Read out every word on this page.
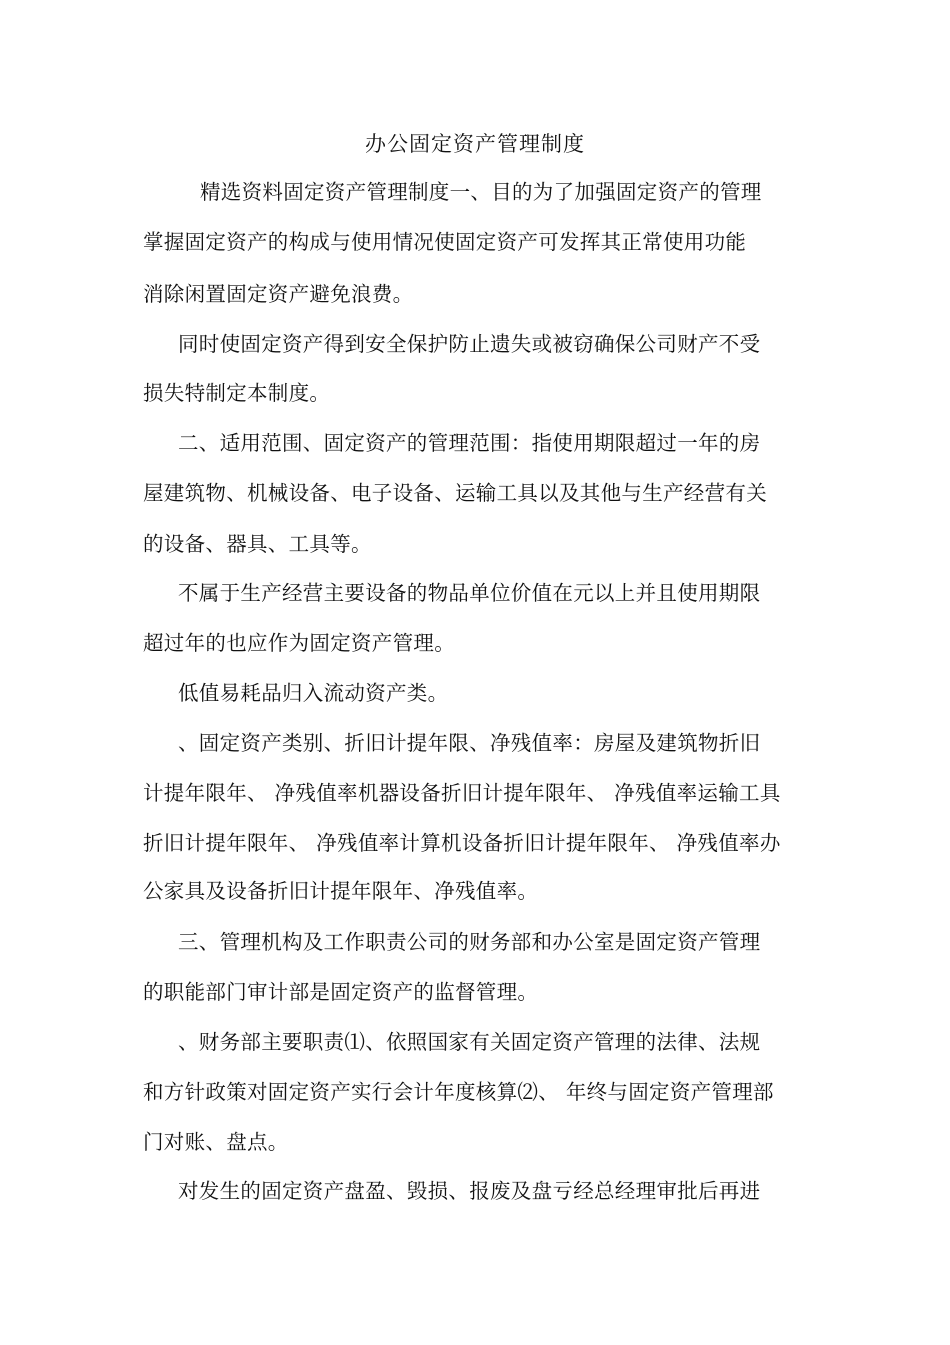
办公固定资产管理制度
精选资料固定资产管理制度一、目的为了加强固定资产的管理
掌握固定资产的构成与使用情况使固定资产可发挥其正常使用功能
消除闲置固定资产避免浪费。
同时使固定资产得到安全保护防止遗失或被窃确保公司财产不受
损失特制定本制度。
二、适用范围、固定资产的管理范围：指使用期限超过一年的房
屋建筑物、机械设备、电子设备、运输工具以及其他与生产经营有关
的设备、器具、工具等。
不属于生产经营主要设备的物品单位价值在元以上并且使用期限
超过年的也应作为固定资产管理。
低值易耗品归入流动资产类。
、固定资产类别、折旧计提年限、净残值率：房屋及建筑物折旧
计提年限年、 净残值率机器设备折旧计提年限年、 净残值率运输工具
折旧计提年限年、 净残值率计算机设备折旧计提年限年、 净残值率办
公家具及设备折旧计提年限年、净残值率。
三、管理机构及工作职责公司的财务部和办公室是固定资产管理
的职能部门审计部是固定资产的监督管理。
、财务部主要职责⑴、依照国家有关固定资产管理的法律、法规
和方针政策对固定资产实行会计年度核算⑵、 年终与固定资产管理部
门对账、盘点。
对发生的固定资产盘盈、毁损、报废及盘亏经总经理审批后再进
